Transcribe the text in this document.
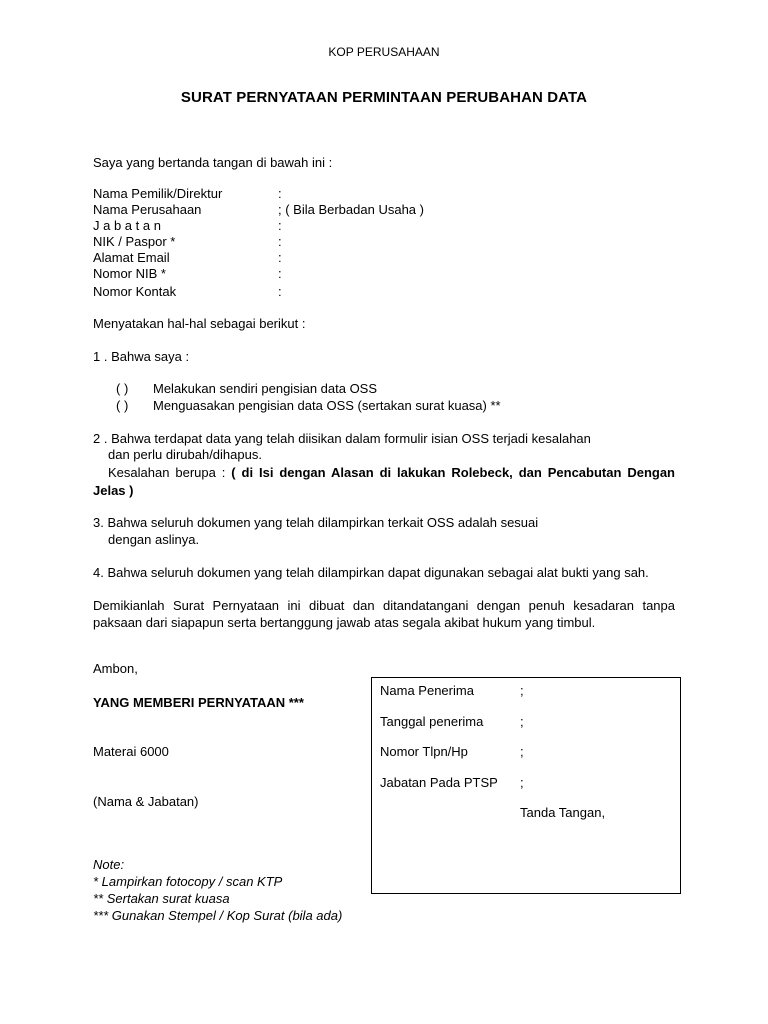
KOP PERUSAHAAN
SURAT PERNYATAAN PERMINTAAN PERUBAHAN DATA
Saya yang bertanda tangan di bawah ini :
Nama Pemilik/Direktur	:
Nama Perusahaan	; ( Bila Berbadan Usaha )
J a b a t a n	:
NIK / Paspor *	:
Alamat Email	:
Nomor NIB *	:
Nomor Kontak	:
Menyatakan hal-hal sebagai berikut :
1 . Bahwa saya :
( ) Melakukan sendiri pengisian data OSS
( ) Menguasakan pengisian data OSS (sertakan surat kuasa) **
2 . Bahwa terdapat data yang telah diisikan dalam formulir isian OSS terjadi kesalahan
dan perlu dirubah/dihapus.
Kesalahan berupa : ( di Isi dengan Alasan di lakukan Rolebeck, dan Pencabutan Dengan Jelas )
3. Bahwa seluruh dokumen yang telah dilampirkan terkait OSS adalah sesuai
dengan aslinya.
4. Bahwa seluruh dokumen yang telah dilampirkan dapat digunakan sebagai alat bukti yang sah.
Demikianlah Surat Pernyataan ini dibuat dan ditandatangani dengan penuh kesadaran tanpa paksaan dari siapapun serta bertanggung jawab atas segala akibat hukum yang timbul.
Ambon,
YANG MEMBERI PERNYATAAN ***
Materai 6000
(Nama & Jabatan)
Nama Penerima	;
Tanggal penerima	;
Nomor Tlpn/Hp	;
Jabatan Pada PTSP ;
Tanda Tangan,
Note:
* Lampirkan fotocopy / scan KTP
** Sertakan surat kuasa
*** Gunakan Stempel / Kop Surat (bila ada)
